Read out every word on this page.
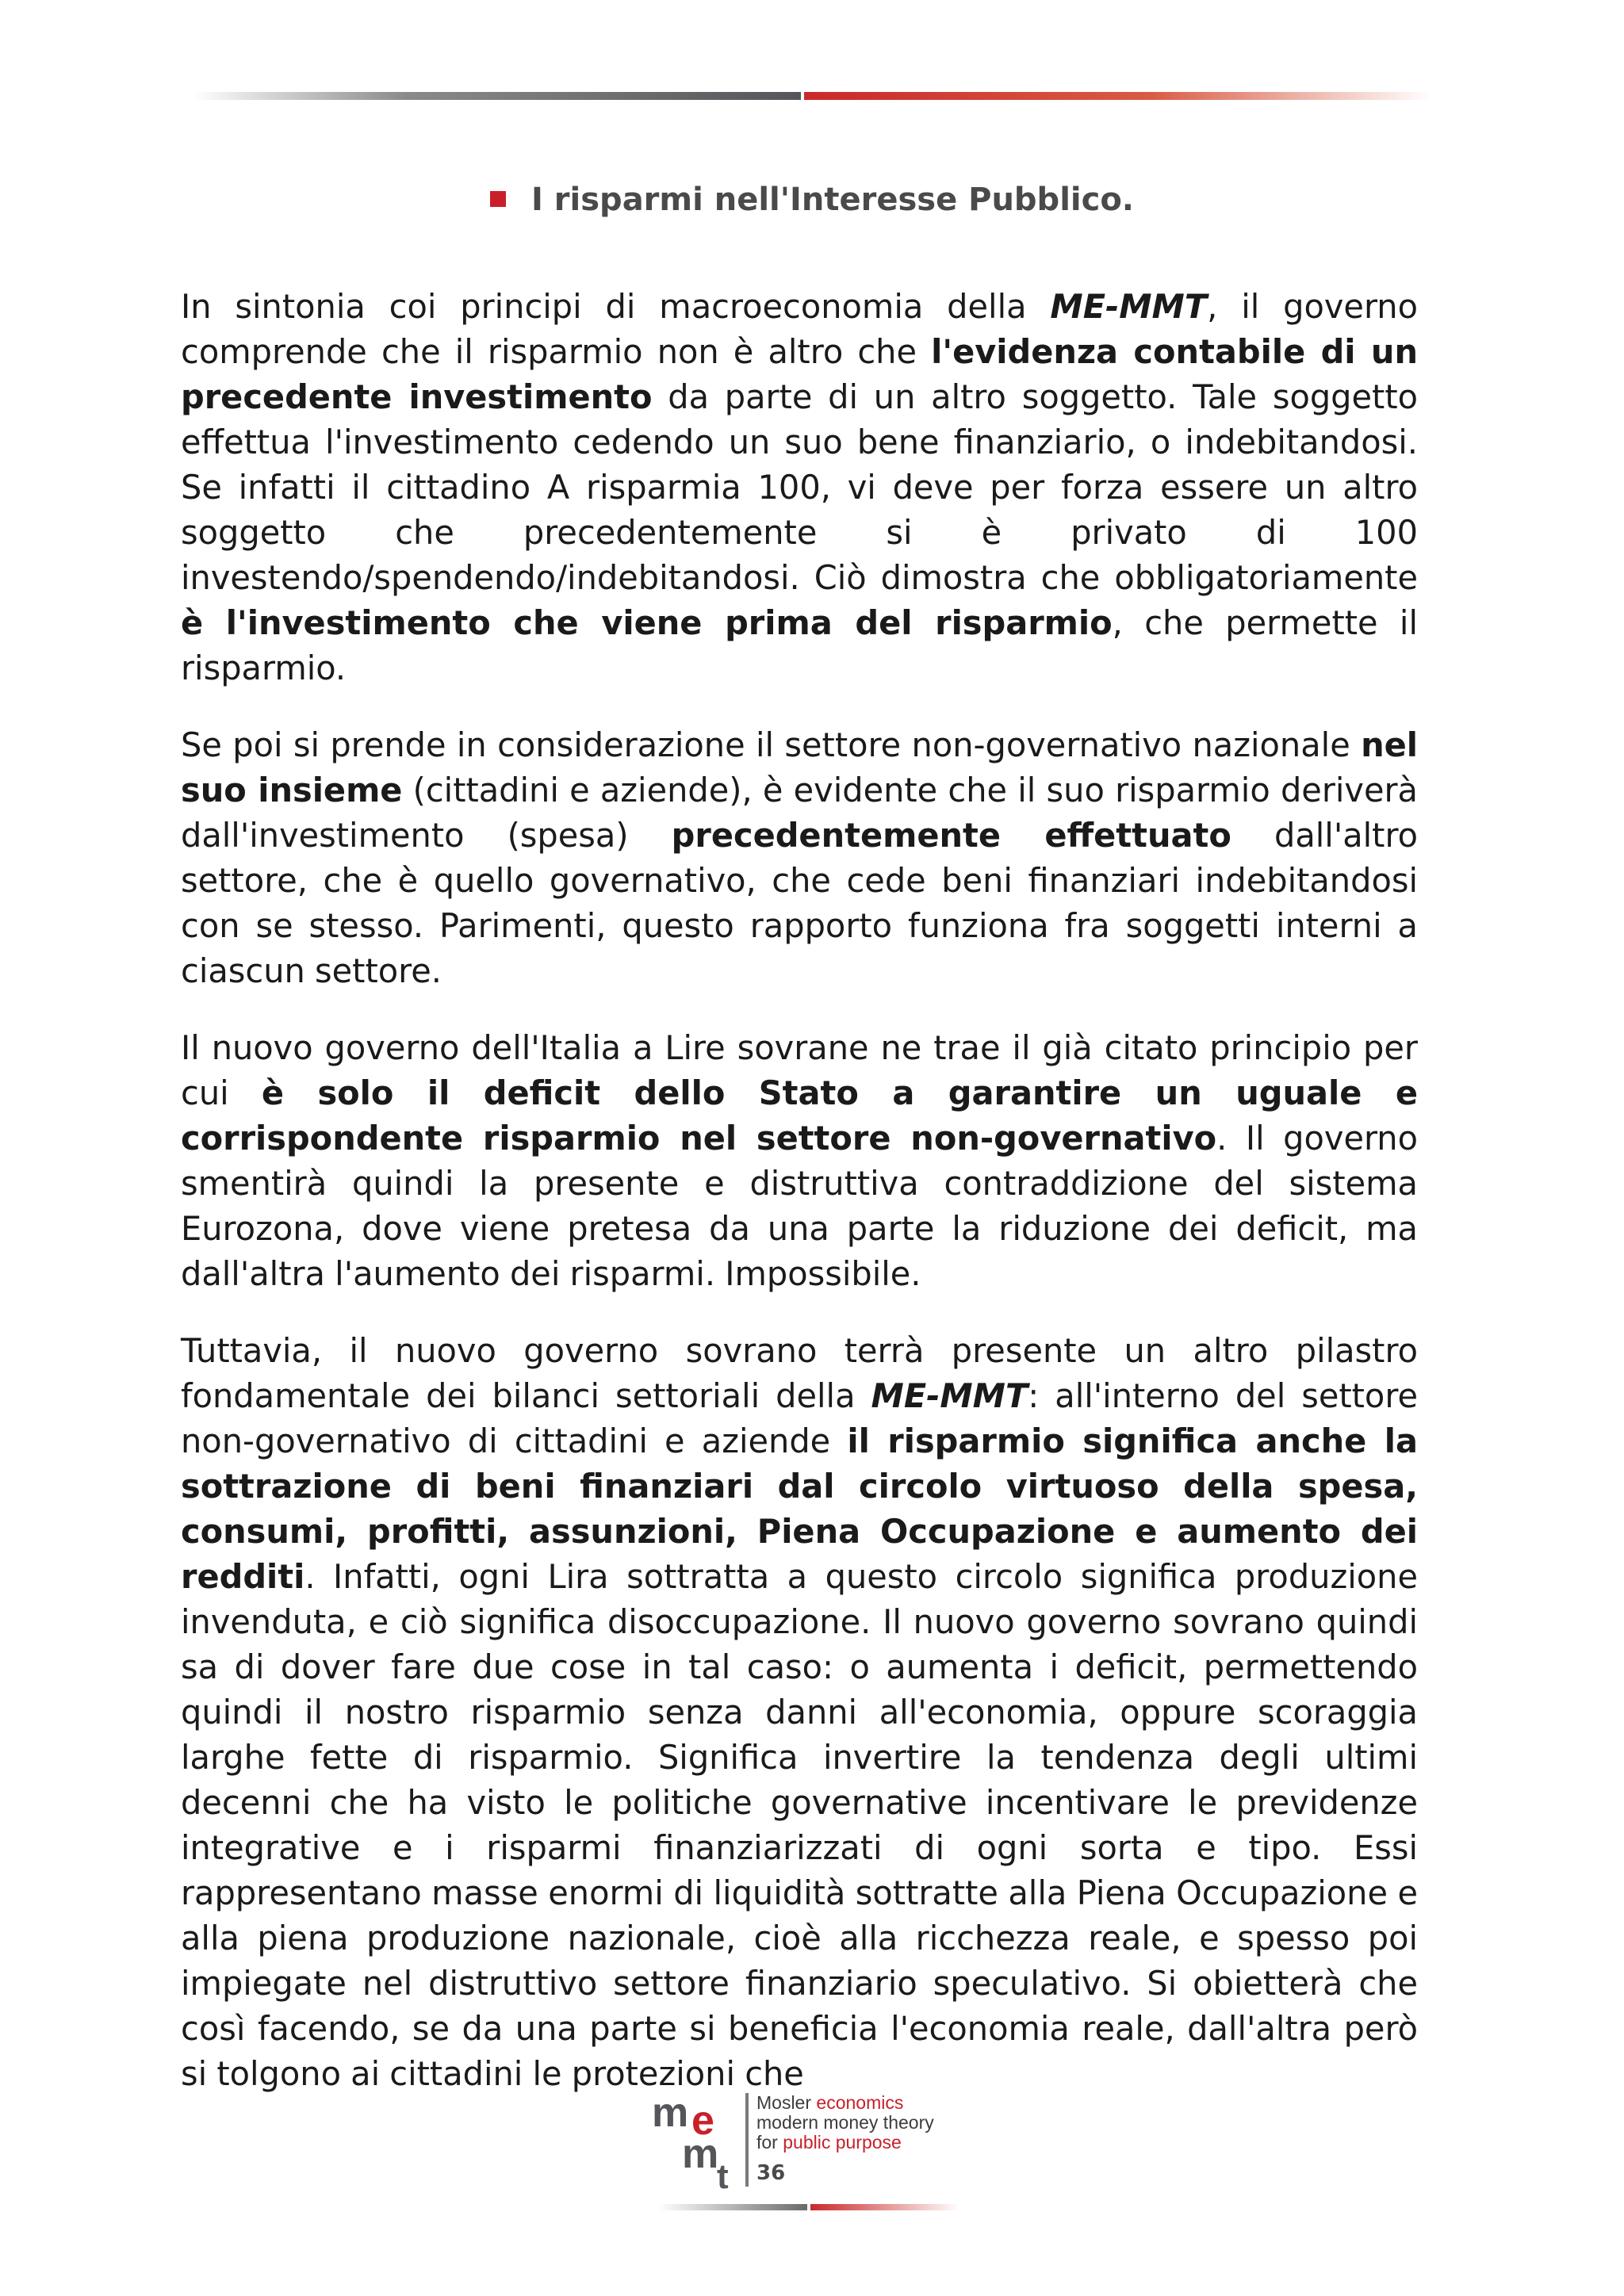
I risparmi nell'Interesse Pubblico.

In sintonia coi principi di macroeconomia della ME-MMT, il governo comprende che il risparmio non è altro che l'evidenza contabile di un precedente investimento da parte di un altro soggetto. Tale soggetto effettua l'investimento cedendo un suo bene finanziario, o indebitandosi. Se infatti il cittadino A risparmia 100, vi deve per forza essere un altro soggetto che precedentemente si è privato di 100 investendo/spendendo/indebitandosi. Ciò dimostra che obbligatoriamente è l'investimento che viene prima del risparmio, che permette il risparmio.

Se poi si prende in considerazione il settore non-governativo nazionale nel suo insieme (cittadini e aziende), è evidente che il suo risparmio deriverà dall'investimento (spesa) precedentemente effettuato dall'altro settore, che è quello governativo, che cede beni finanziari indebitandosi con se stesso. Parimenti, questo rapporto funziona fra soggetti interni a ciascun settore.

Il nuovo governo dell'Italia a Lire sovrane ne trae il già citato principio per cui è solo il deficit dello Stato a garantire un uguale e corrispondente risparmio nel settore non-governativo. Il governo smentirà quindi la presente e distruttiva contraddizione del sistema Eurozona, dove viene pretesa da una parte la riduzione dei deficit, ma dall'altra l'aumento dei risparmi. Impossibile.

Tuttavia, il nuovo governo sovrano terrà presente un altro pilastro fondamentale dei bilanci settoriali della ME-MMT: all'interno del settore non-governativo di cittadini e aziende il risparmio significa anche la sottrazione di beni finanziari dal circolo virtuoso della spesa, consumi, profitti, assunzioni, Piena Occupazione e aumento dei redditi. Infatti, ogni Lira sottratta a questo circolo significa produzione invenduta, e ciò significa disoccupazione. Il nuovo governo sovrano quindi sa di dover fare due cose in tal caso: o aumenta i deficit, permettendo quindi il nostro risparmio senza danni all'economia, oppure scoraggia larghe fette di risparmio. Significa invertire la tendenza degli ultimi decenni che ha visto le politiche governative incentivare le previdenze integrative e i risparmi finanziarizzati di ogni sorta e tipo. Essi rappresentano masse enormi di liquidità sottratte alla Piena Occupazione e alla piena produzione nazionale, cioè alla ricchezza reale, e spesso poi impiegate nel distruttivo settore finanziario speculativo. Si obietterà che così facendo, se da una parte si beneficia l'economia reale, dall'altra però si tolgono ai cittadini le protezioni che

m e
m
t
Mosler economics
modern money theory
for public purpose
36
